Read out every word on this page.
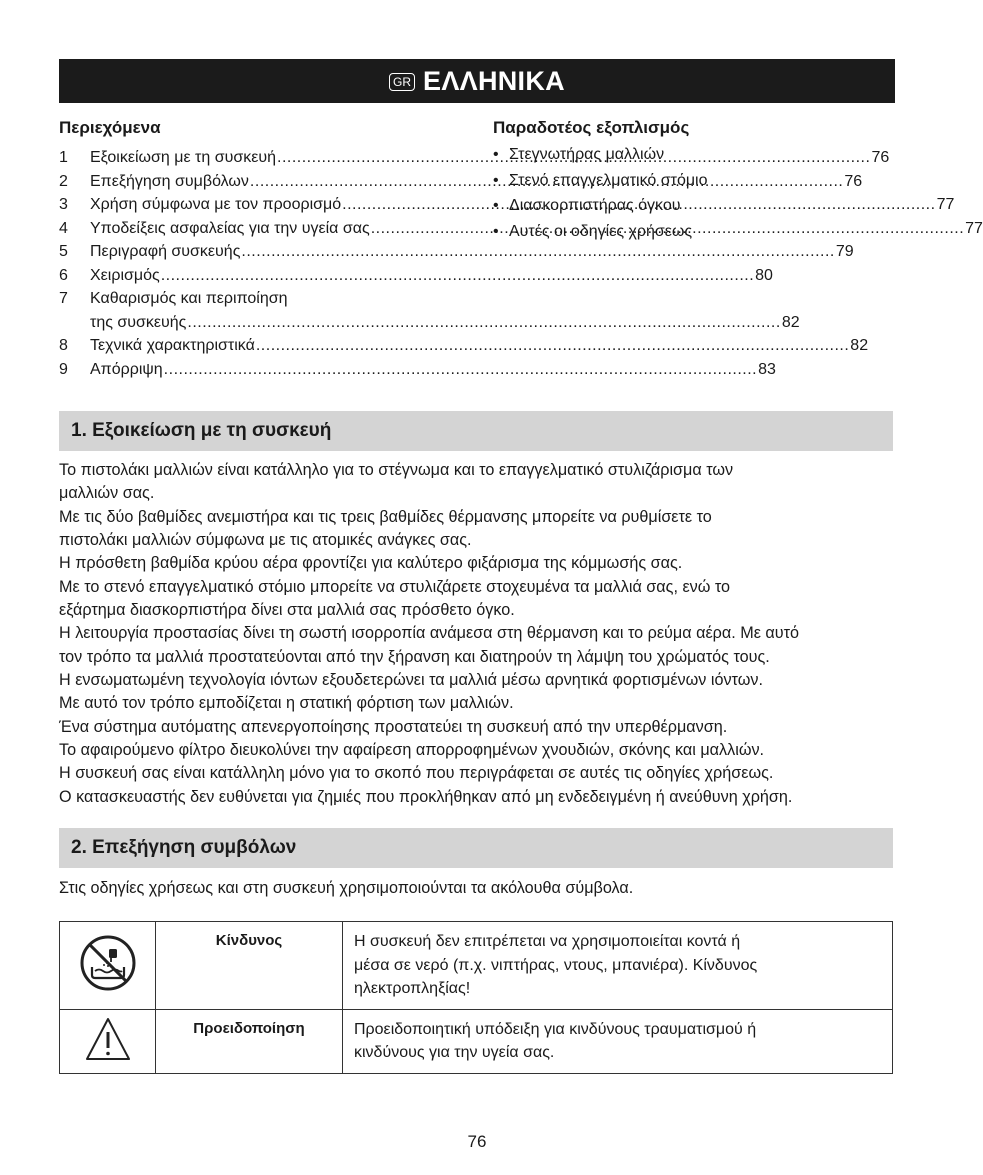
GR ΕΛΛΗΝΙΚΑ
Περιεχόμενα
1	Εξοικείωση με τη συσκευή .....	76
2	Επεξήγηση συμβόλων .....	76
3	Χρήση σύμφωνα με τον προορισμό .....	77
4	Υποδείξεις ασφαλείας για την υγεία σας .....	77
5	Περιγραφή συσκευής .....	79
6	Χειρισμός .....	80
7	Καθαρισμός και περιποίηση
της συσκευής .....	82
8	Τεχνικά χαρακτηριστικά .....	82
9	Απόρριψη .....	83
Παραδοτέος εξοπλισμός
• Στεγνωτήρας μαλλιών
• Στενό επαγγελματικό στόμιο
• Διασκορπιστήρας όγκου
• Αυτές οι οδηγίες χρήσεως
1. Εξοικείωση με τη συσκευή

Το πιστολάκι μαλλιών είναι κατάλληλο για το στέγνωμα και το επαγγελματικό στυλιζάρισμα των

μαλλιών σας.

Με τις δύο βαθμίδες ανεμιστήρα και τις τρεις βαθμίδες θέρμανσης μπορείτε να ρυθμίσετε το

πιστολάκι μαλλιών σύμφωνα με τις ατομικές ανάγκες σας.

Η πρόσθετη βαθμίδα κρύου αέρα φροντίζει για καλύτερο φιξάρισμα της κόμμωσής σας.

Με το στενό επαγγελματικό στόμιο μπορείτε να στυλιζάρετε στοχευμένα τα μαλλιά σας, ενώ το

εξάρτημα διασκορπιστήρα δίνει στα μαλλιά σας πρόσθετο όγκο.

Η λειτουργία προστασίας δίνει τη σωστή ισορροπία ανάμεσα στη θέρμανση και το ρεύμα αέρα. Με αυτό

τον τρόπο τα μαλλιά προστατεύονται από την ξήρανση και διατηρούν τη λάμψη του χρώματός τους.

Η ενσωματωμένη τεχνολογία ιόντων εξουδετερώνει τα μαλλιά μέσω αρνητικά φορτισμένων ιόντων.

Με αυτό τον τρόπο εμποδίζεται η στατική φόρτιση των μαλλιών.

Ένα σύστημα αυτόματης απενεργοποίησης προστατεύει τη συσκευή από την υπερθέρμανση.

Το αφαιρούμενο φίλτρο διευκολύνει την αφαίρεση απορροφημένων χνουδιών, σκόνης και μαλλιών.

Η συσκευή σας είναι κατάλληλη μόνο για το σκοπό που περιγράφεται σε αυτές τις οδηγίες χρήσεως.

Ο κατασκευαστής δεν ευθύνεται για ζημιές που προκλήθηκαν από μη ενδεδειγμένη ή ανεύθυνη χρήση.

2. Επεξήγηση συμβόλων

Στις οδηγίες χρήσεως και στη συσκευή χρησιμοποιούνται τα ακόλουθα σύμβολα.

	Κίνδυνος	Η συσκευή δεν επιτρέπεται να χρησιμοποιείται κοντά ή
μέσα σε νερό (π.χ. νιπτήρας, ντους, μπανιέρα). Κίνδυνος
ηλεκτροπληξίας!

	Προειδοποίηση	Προειδοποιητική υπόδειξη για κινδύνους τραυματισμού ή
κινδύνους για την υγεία σας.
76
